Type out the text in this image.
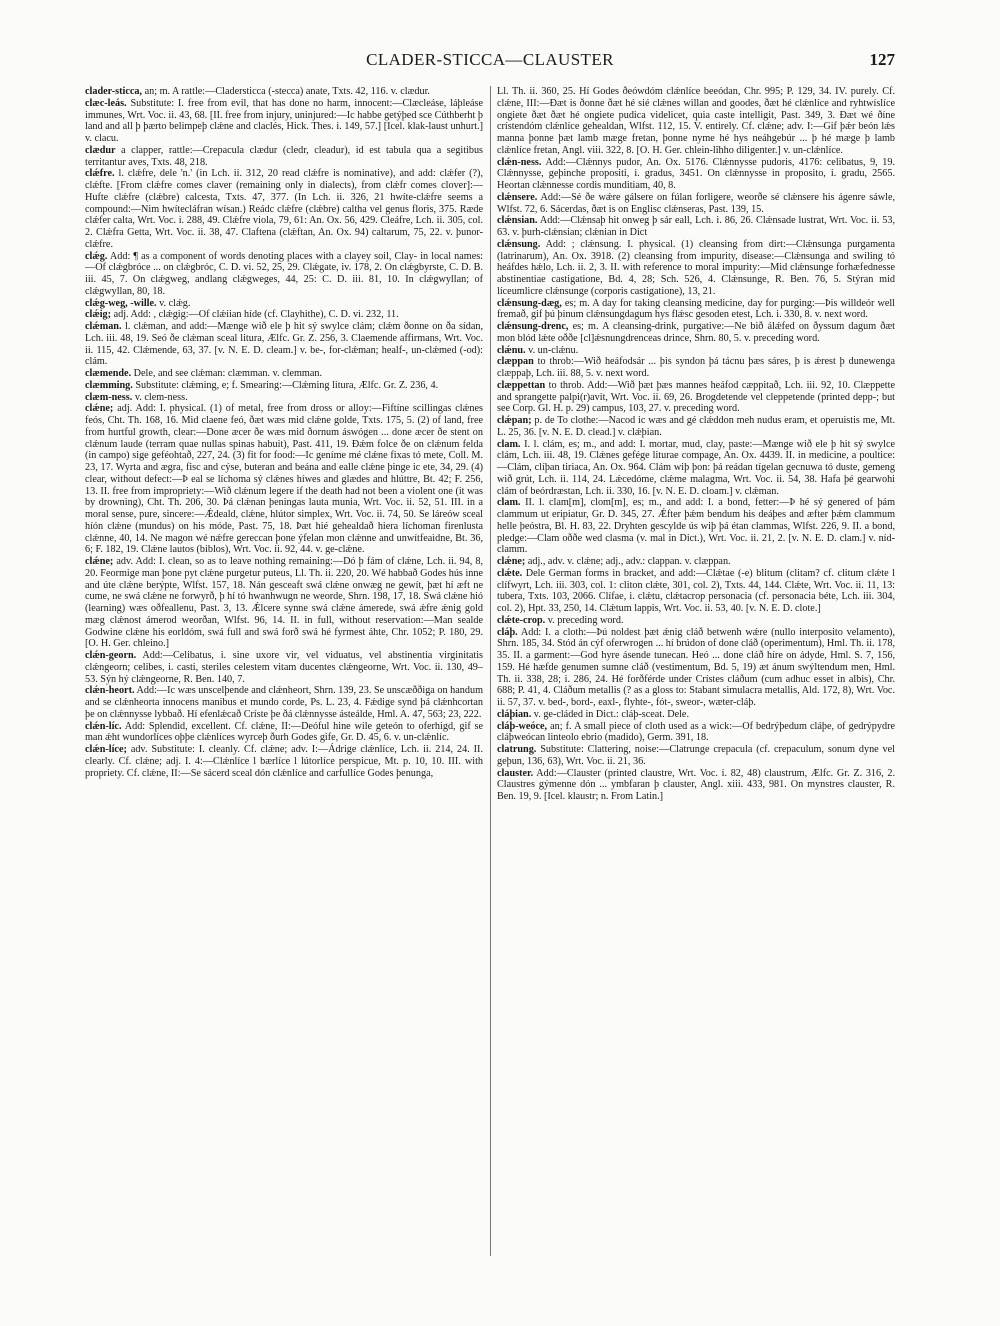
CLADER-STICCA—CLAUSTER	127

clader-sticca, an; m. A rattle:—Cladersticca (-stecca) anate, Txts. 42, 116. v. clædur.

clæc-leás. Substitute: I. free from evil, that has done no harm, innocent:—Clæcleáse, láþleáse immunes, Wrt. Voc. ii. 43, 68. [II. free from injury, uninjured:—Ic habbe getýþed sce Cúthberht þ land and all þ þærto belimpeþ clǽne and claclés, Hick. Thes. i. 149, 57.] [Icel. klak-laust unhurt.] v. clacu.

clædur a clapper, rattle:—Crepacula clædur (cledr, cleadur), id est tabula qua a segitibus territantur aves, Txts. 48, 218.

clǽfre. l. clǽfre, dele 'n.' (in Lch. ii. 312, 20 read clǽfre is nominative), and add: clǽfer (?), clǽfte. [From clǽfre comes claver (remaining only in dialects), from clǽfr comes clover]:—Hufte clǽfre (clǽbre) calcesta, Txts. 47, 377. (In Lch. ii. 326, 21 hwíte-clǽfre seems a compound:—Nim hwítecláfran wísan.) Reádc clǽfre (clǽbre) caltha vel genus floris, 375. Ræde clǽfer calta, Wrt. Voc. i. 288, 49. Clǽfre viola, 79, 61: An. Ox. 56, 429. Cleáfre, Lch. ii. 305, col. 2. Clǽfra Getta, Wrt. Voc. ii. 38, 47. Claftena (clǽftan, An. Ox. 94) caltarum, 75, 22. v. þunor-clǽfre.

clǽg. Add: ¶ as a component of words denoting places with a clayey soil, Clay- in local names:—Of clǽgbróce ... on clǽgbróc, C. D. vi. 52, 25, 29. Clǽgate, iv. 178, 2. On clǽgbyrste, C. D. B. iii. 45, 7. On clǽgweg, andlang clǽgweges, 44, 25: C. D. iii. 81, 10. In clǽgwyllan; of clǽgwyllan, 80, 18.

clǽg-weg, -wille. v. clǽg.

clǽig; adj. Add: , clǽgig:—Of clǽiian híde (cf. Clayhithe), C. D. vi. 232, 11.

clǽman. l. clǽman, and add:—Mænge wið ele þ hit sý swylce clám; clǽm ðonne on ða sídan, Lch. iii. 48, 19. Seó ðe clǽman sceal litura, Ælfc. Gr. Z. 256, 3. Claemende affirmans, Wrt. Voc. ii. 115, 42. Clǽmende, 63, 37. [v. N. E. D. cleam.] v. be-, for-clǽman; healf-, un-clǽmed (-od): clám.

clæmende. Dele, and see clǽman: clæmman. v. clemman.

clæmming. Substitute: clǽming, e; f. Smearing:—Clǽming litura, Ælfc. Gr. Z. 236, 4.

clæm-ness. v. clem-ness.

clǽne; adj. Add: I. physical. (1) of metal, free from dross or alloy:—Fiftíne scillingas clǽnes feós, Cht. Th. 168, 16. Mid claene feó, ðæt wæs mid clǽne golde, Txts. 175, 5. (2) of land, free from hurtful growth, clear:—Done æcer ðe wæs mid ðornum áswógen ... done æcer ðe stent on clǽnum laude (terram quae nullas spinas habuit), Past. 411, 19. Ðǽm folce ðe on clǽnum felda (in campo) sige geféohtað, 227, 24. (3) fit for food:—Ic geníme mé clǽne fixas tó mete, Coll. M. 23, 17. Wyrta and ægra, fisc and cýse, buteran and beána and ealle clǽne þinge ic ete, 34, 29. (4) clear, without defect:—Þ eal se líchoma sý clǽnes híwes and glædes and hlúttre, Bt. 42; F. 256, 13. II. free from impropriety:—Wið clǽnum legere if the death had not been a violent one (it was by drowning), Cht. Th. 206, 30. Þá clǽnan þeningas lauta munia, Wrt. Voc. ii. 52, 51. III. in a moral sense, pure, sincere:—Ǽdeald, clǽne, hlútor simplex, Wrt. Voc. ii. 74, 50. Se láreów sceal híón clǽne (mundus) on his móde, Past. 75, 18. Þæt hié gehealdað hiera líchoman firenlusta clǽnne, 40, 14. Ne magon wé nǽfre gereccan þone ýfelan mon clǽnne and unwítfeaìdne, Bt. 36, 6; F. 182, 19. Clǽne lautos (biblos), Wrt. Voc. ii. 92, 44. v. ge-clǽne.

clǽne; adv. Add: I. clean, so as to leave nothing remaining:—Dó þ fám of clǽne, Lch. ii. 94, 8, 20. Feormige man þone pyt clǽne purgetur puteus, Ll. Th. ii. 220, 20. Wé habbað Godes hús inne and úte clǽne berýpte, Wlfst. 157, 18. Nán gesceaft swá clǽne onwæg ne gewít, þæt hí æft ne cume, ne swá clǽne ne forwyrð, þ hí tó hwanhwugn ne weorde, Shrn. 198, 17, 18. Swá clǽne hió (learning) wæs oðfeallenu, Past. 3, 13. Ǽlcere synne swá clǽne ámerede, swá ǽfre ǽnig gold mæg clǽnost ámerod weorðan, Wlfst. 96, 14. II. in full, without reservation:—Man sealde Godwine clǽne his eorldóm, swá full and swá forð swá hé fyrmest áhte, Chr. 1052; P. 180, 29. [O. H. Ger. chleino.]

clǽn-georn. Add:—Celibatus, i. sine uxore vir, vel viduatus, vel abstinentia virginitatis clǽngeorn; celibes, i. casti, steriles celestem vitam ducentes clǽngeorne, Wrt. Voc. ii. 130, 49–53. Sýn hý clǽngeorne, R. Ben. 140, 7.

clǽn-heort. Add:—Ic wæs unscelþende and clǽnheort, Shrn. 139, 23. Se unscæððiga on handum and se clǽnheorta innocens manibus et mundo corde, Ps. L. 23, 4. Fǽdige synd þá clǽnhcortan þe on clǽnnysse lybbað. Hí efenlǽcað Críste þe ðá clǽnnysse ásteálde, Hml. A. 47, 563; 23, 222.

clǽn-líc. Add: Splendid, excellent. Cf. clǽne, II:—Deóful hine wile geteón to oferhigd, gif se man ǽht wundorlíces oþþe clǽnlíces wyrceþ ðurh Godes gife, Gr. D. 45, 6. v. un-clǽnlíc.

clǽn-líce; adv. Substitute: I. cleanly. Cf. clǽne; adv. I:—Ádrige clǽnlíce, Lch. ii. 214, 24. II. clearly. Cf. clǽne; adj. I. 4:—Clǽnlíce l bærlíce l lútorlíce perspicue, Mt. p. 10, 10. III. with propriety. Cf. clǽne, II:—Se sácerd sceal dón clǽnlíce and carfullíce Godes þenunga,

Ll. Th. ii. 360, 25. Hí Godes ðeówdóm clǽnlíce beeódan, Chr. 995; P. 129, 34. IV. purely. Cf. clǽne, III:—Ðæt is ðonne ðæt hé sié clǽnes willan and goodes, ðæt hé clǽnlíce and ryhtwíslíce ongiete ðæt ðæt hé ongiete pudica videlicet, quia caste intelligit, Past. 349, 3. Ðæt wé ðíne crístendóm clǽnlíce gehealdan, Wlfst. 112, 15. V. entirely. Cf. clǽne; adv. I:—Gif þǽr beón lǽs manna þonne þæt lamb mæge fretan, þonne nyme hé hys neáhgebúr ... þ hé mæge þ lamb clǽnlíce fretan, Angl. viii. 322, 8. [O. H. Ger. chlein-lîhho diligenter.] v. un-clǽnlíce.

clǽn-ness. Add:—Clǽnnys pudor, An. Ox. 5176. Clǽnnysse pudoris, 4176: celibatus, 9, 19. Clǽnnysse, geþinche propositi, i. gradus, 3451. On clǽnnysse in proposito, i. gradu, 2565. Heortan clǽnnesse cordis munditiam, 40, 8.

clǽnsere. Add:—Sé ðe wǽre gálsere on fúlan forligere, weorðe sé clǽnsere his ágenre sáwle, Wlfst. 72, 6. Sácerdas, ðæt is on Englisc clǽnseras, Past. 139, 15.

clǽnsian. Add:—Clǽnsaþ hit onweg þ sár eall, Lch. i. 86, 26. Clǽnsade lustrat, Wrt. Voc. ii. 53, 63. v. þurh-clǽnsian; clǽnian in Dict

clǽnsung. Add: ; clǽnsung. I. physical. (1) cleansing from dirt:—Clǽnsunga purgamenta (latrinarum), An. Ox. 3918. (2) cleansing from impurity, disease:—Clǽnsunga and swiling tó heáfdes hǽlo, Lch. ii. 2, 3. II. with reference to moral impurity:—Mid clǽnsunge forhæfednesse abstinentiae castigatione, Bd. 4, 28; Sch. 526, 4. Clǽnsunge, R. Ben. 76, 5. Stýran mid líceumlicre clǽnsunge (corporis castigatione), 13, 21.

clǽnsung-dæg, es; m. A day for taking cleansing medicine, day for purging:—Þis willdeór well fremað, gif þú þinum clǽnsungdagum hys flǽsc gesoden etest, Lch. i. 330, 8. v. next word.

clǽnsung-drenc, es; m. A cleansing-drink, purgative:—Ne bið álǽfed on ðyssum dagum ðæt mon blód lǽte oððe [cl]ǽsnungdrenceas drince, Shrn. 80, 5. v. preceding word.

clǽnu. v. un-clǽnu.

clæppan to throb:—Wið heáfodsár ... þis syndon þá tácnu þæs sáres, þ is ǽrest þ dunewenga clæppaþ, Lch. iii. 88, 5. v. next word.

clæppettan to throb. Add:—Wið þæt þæs mannes heáfod cæppitað, Lch. iii. 92, 10. Clæppette and sprangette palpi(r)avit, Wrt. Voc. ii. 69, 26. Brogdetende vel cleppetende (printed depp-; but see Corp. Gl. H. p. 29) campus, 103, 27. v. preceding word.

clǽpan; p. de To clothe:—Nacod ic wæs and gé clǽddon meh nudus eram, et operuistis me, Mt. L. 25, 36. [v. N. E. D. clead.] v. clǽþian.

clam. I. l. clám, es; m., and add: I. mortar, mud, clay, paste:—Mænge wið ele þ hit sý swylce clám, Lch. iii. 48, 19. Clǽnes gefége liturae compage, An. Ox. 4439. II. in medicine, a poultice:—Clám, clíþan tiriaca, An. Ox. 964. Clám wiþ þon: þá reádan tígelan gecnuwa tó duste, gemeng wið grút, Lch. ii. 114, 24. Lǽcedóme, clǽme malagma, Wrt. Voc. ii. 54, 38. Hafa þé gearwohi clám of beórdræstan, Lch. ii. 330, 16. [v. N. E. D. cloam.] v. clǽman.

clam. II. l. clam[m], clom[m], es; m., and add: I. a bond, fetter:—Þ hé sý genered of þám clammum ut eripiatur, Gr. D. 345, 27. Ǽfter þǽm bendum his deáþes and æfter þǽm clammum helle þeóstra, Bl. H. 83, 22. Dryhten gescylde ús wiþ þá étan clammas, Wlfst. 226, 9. II. a bond, pledge:—Clam oððe wed clasma (v. mal in Dict.), Wrt. Voc. ii. 21, 2. [v. N. E. D. clam.] v. níd-clamm.

clǽne; adj., adv. v. clǽne; adj., adv.: clappan. v. clæppan.

clǽte. Dele German forms in bracket, and add:—Clǽtae (-e) blitum (clitam? cf. clitum clǽte l clífwyrt, Lch. iii. 303, col. 1: cliton clǽte, 301, col. 2), Txts. 44, 144. Clǽte, Wrt. Voc. ii. 11, 13: tubera, Txts. 103, 2066. Clífae, i. clǽtu, clǽtacrop personacia (cf. personacia béte, Lch. iii. 304, col. 2), Hpt. 33, 250, 14. Clǽtum lappis, Wrt. Voc. ii. 53, 40. [v. N. E. D. clote.]

clǽte-crop. v. preceding word.

cláþ. Add: I. a cloth:—Þú noldest þæt ǽnig cláð betwenh wǽre (nullo interposito velamento), Shrn. 185, 34. Stód án cýf oferwrogen ... hí brúdon of done cláð (operimentum), Hml. Th. ii. 178, 35. II. a garment:—God hyre ásende tunecan. Heó ... done cláð híre on ádyde, Hml. S. 7, 156, 159. Hé hæfde genumen sumne cláð (vestimentum, Bd. 5, 19) æt ánum swýltendum men, Hml. Th. ii. 338, 28; i. 286, 24. Hé forðférde under Crístes cláðum (cum adhuc esset in albis), Chr. 688; P. 41, 4. Cláðum metallis (? as a gloss to: Stabant simulacra metallis, Ald. 172, 8), Wrt. Voc. ii. 57, 37. v. bed-, bord-, eaxl-, flyhte-, fót-, sweor-, wæter-cláþ.

cláþian. v. ge-cláded in Dict.: cláþ-sceat. Dele.

cláþ-weóce, an; f. A small piece of cloth used as a wick:—Of bedrýþedum cláþe, of gedrýpydre cláþweócan linteolo ebrio (madido), Germ. 391, 18.

clatrung. Substitute: Clattering, noise:—Clatrunge crepacula (cf. crepaculum, sonum dyne vel geþun, 136, 63), Wrt. Voc. ii. 21, 36.

clauster. Add:—Clauster (printed claustre, Wrt. Voc. i. 82, 48) claustrum, Ælfc. Gr. Z. 316, 2. Claustres gýmenne dón ... ymbfaran þ clauster, Angl. xiii. 433, 981. On mynstres clauster, R. Ben. 19, 9. [Icel. klaustr; n. From Latin.]
